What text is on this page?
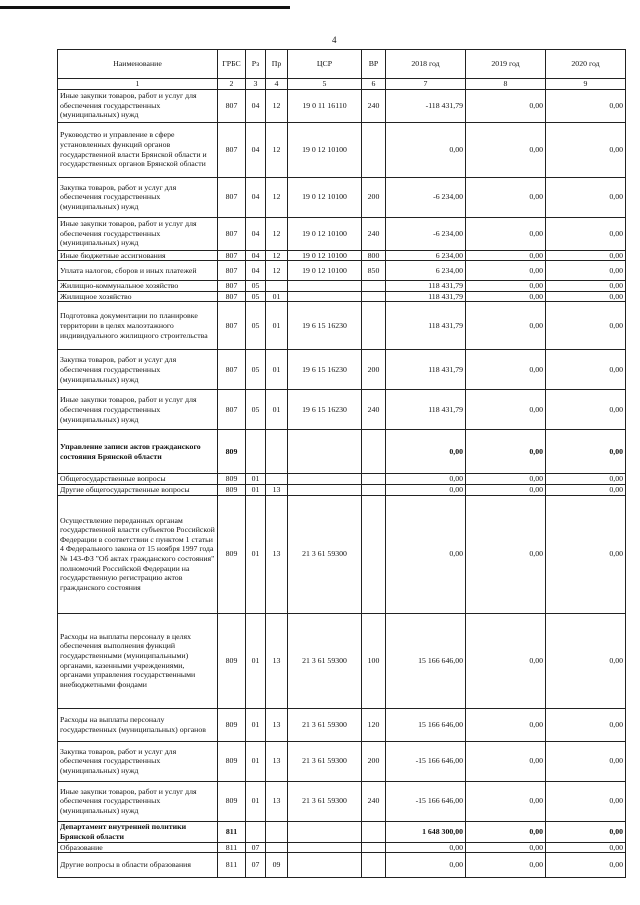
4
Наименование	ГРБС	Рз	Пр	ЦСР	ВР	2018 год	2019 год	2020 год
1	2	3	4	5	6	7	8	9
Иные закупки товаров, работ и услуг для обеспечения государственных (муниципальных) нужд	807	04	12	19 0 11 16110	240	-118 431,79	0,00	0,00
Руководство и управление в сфере установленных функций органов государственной власти Брянской области и государственных органов Брянской области	807	04	12	19 0 12 10100		0,00	0,00	0,00
Закупка товаров, работ и услуг для обеспечения государственных (муниципальных) нужд	807	04	12	19 0 12 10100	200	-6 234,00	0,00	0,00
Иные закупки товаров, работ и услуг для обеспечения государственных (муниципальных) нужд	807	04	12	19 0 12 10100	240	-6 234,00	0,00	0,00
Иные бюджетные ассигнования	807	04	12	19 0 12 10100	800	6 234,00	0,00	0,00
Уплата налогов, сборов и иных платежей	807	04	12	19 0 12 10100	850	6 234,00	0,00	0,00
Жилищно-коммунальное хозяйство	807	05				118 431,79	0,00	0,00
Жилищное хозяйство	807	05	01			118 431,79	0,00	0,00
Подготовка документации по планировке территории в целях малоэтажного индивидуального жилищного строительства	807	05	01	19 6 15 16230		118 431,79	0,00	0,00
Закупка товаров, работ и услуг для обеспечения государственных (муниципальных) нужд	807	05	01	19 6 15 16230	200	118 431,79	0,00	0,00
Иные закупки товаров, работ и услуг для обеспечения государственных (муниципальных) нужд	807	05	01	19 6 15 16230	240	118 431,79	0,00	0,00
Управление записи актов гражданского состояния Брянской области	809					0,00	0,00	0,00
Общегосударственные вопросы	809	01				0,00	0,00	0,00
Другие общегосударственные вопросы	809	01	13			0,00	0,00	0,00
Осуществление переданных органам государственной власти субъектов Российской Федерации в соответствии с пунктом 1 статьи 4 Федерального закона от 15 ноября 1997 года № 143-ФЗ "Об актах гражданского состояния" полномочий Российской Федерации на государственную регистрацию актов гражданского состояния	809	01	13	21 3 61 59300		0,00	0,00	0,00
Расходы на выплаты персоналу в целях обеспечения выполнения функций государственными (муниципальными) органами, казенными учреждениями, органами управления государственными внебюджетными фондами	809	01	13	21 3 61 59300	100	15 166 646,00	0,00	0,00
Расходы на выплаты персоналу государственных (муниципальных) органов	809	01	13	21 3 61 59300	120	15 166 646,00	0,00	0,00
Закупка товаров, работ и услуг для обеспечения государственных (муниципальных) нужд	809	01	13	21 3 61 59300	200	-15 166 646,00	0,00	0,00
Иные закупки товаров, работ и услуг для обеспечения государственных (муниципальных) нужд	809	01	13	21 3 61 59300	240	-15 166 646,00	0,00	0,00
Департамент внутренней политики Брянской области	811					1 648 300,00	0,00	0,00
Образование	811	07				0,00	0,00	0,00
Другие вопросы в области образования	811	07	09			0,00	0,00	0,00
